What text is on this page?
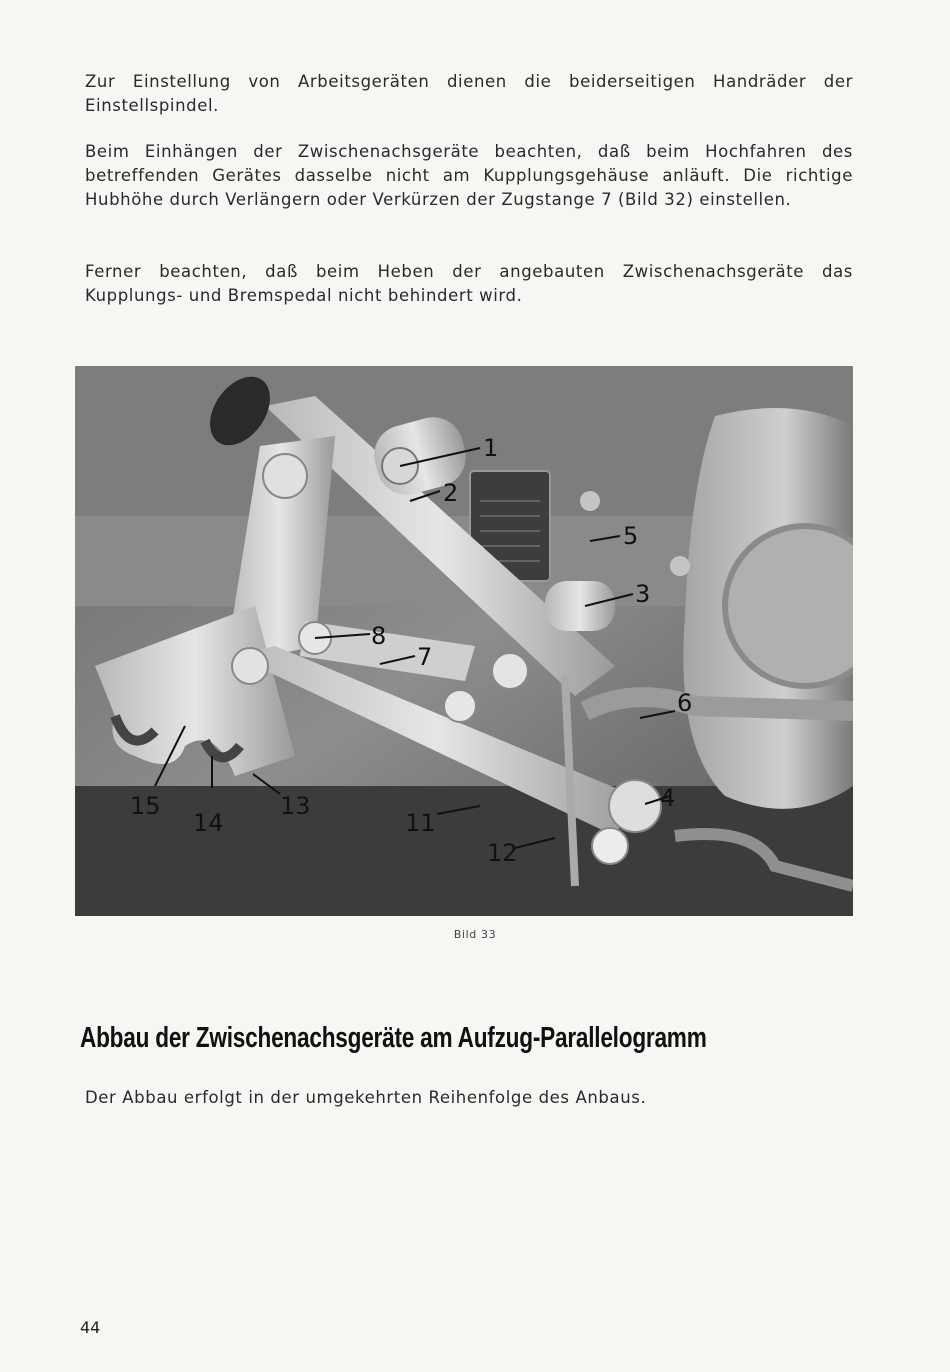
Zur Einstellung von Arbeitsgeräten dienen die beiderseitigen Handräder der Einstellspindel.

Beim Einhängen der Zwischenachsgeräte beachten, daß beim Hochfahren des betreffenden Gerätes dasselbe nicht am Kupplungsgehäuse anläuft. Die richtige Hubhöhe durch Verlängern oder Verkürzen der Zugstange 7 (Bild 32) einstellen.

Ferner beachten, daß beim Heben der angebauten Zwischenachsgeräte das Kupplungs- und Bremspedal nicht behindert wird.

1
2
5
3
8
7
6
4
15
14
13
11
12
Bild 33
Abbau der Zwischenachsgeräte am Aufzug-Parallelogramm

Der Abbau erfolgt in der umgekehrten Reihenfolge des Anbaus.

44
